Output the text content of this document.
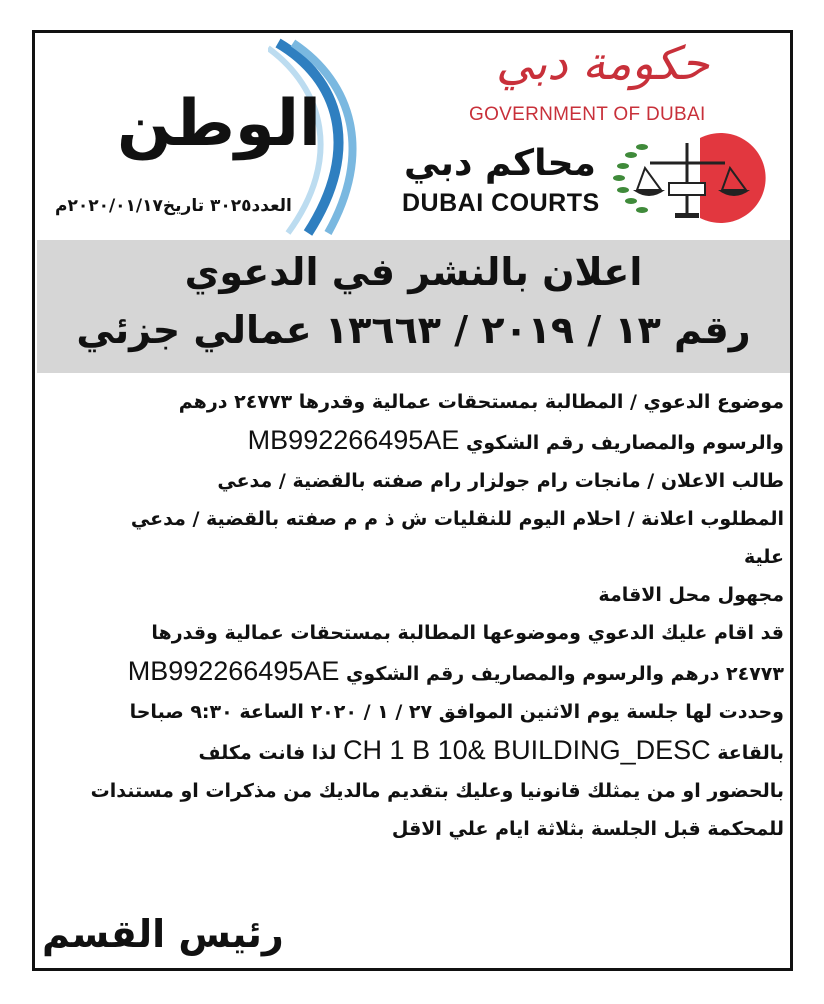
الوطن
العدد٣٠٢٥ تاريخ٢٠٢٠/٠١/١٧م
حكومة دبي
GOVERNMENT OF DUBAI
محاكم دبي
DUBAI COURTS
اعلان بالنشر في الدعوي
رقم ١٣ / ٢٠١٩ / ١٣٦٦٣ عمالي جزئي
موضوع الدعوي / المطالبة بمستحقات عمالية وقدرها ٢٤٧٧٣ درهم
والرسوم والمصاريف رقم الشكوي MB992266495AE
طالب الاعلان / مانجات رام جولزار رام صفته بالقضية / مدعي
المطلوب اعلانة / احلام اليوم للنقليات ش ذ م م صفته بالقضية / مدعي
علية
مجهول محل الاقامة
قد اقام عليك الدعوي وموضوعها المطالبة بمستحقات عمالية وقدرها
٢٤٧٧٣ درهم والرسوم والمصاريف رقم الشكوي MB992266495AE
وحددت لها جلسة يوم الاثنين الموافق ٢٧ / ١ / ٢٠٢٠ الساعة ٩:٣٠ صباحا
بالقاعة CH 1 B 10& BUILDING_DESC لذا فانت مكلف
بالحضور او من يمثلك قانونيا وعليك بتقديم مالديك من مذكرات او مستندات
للمحكمة قبل الجلسة بثلاثة ايام علي الاقل
رئيس القسم
